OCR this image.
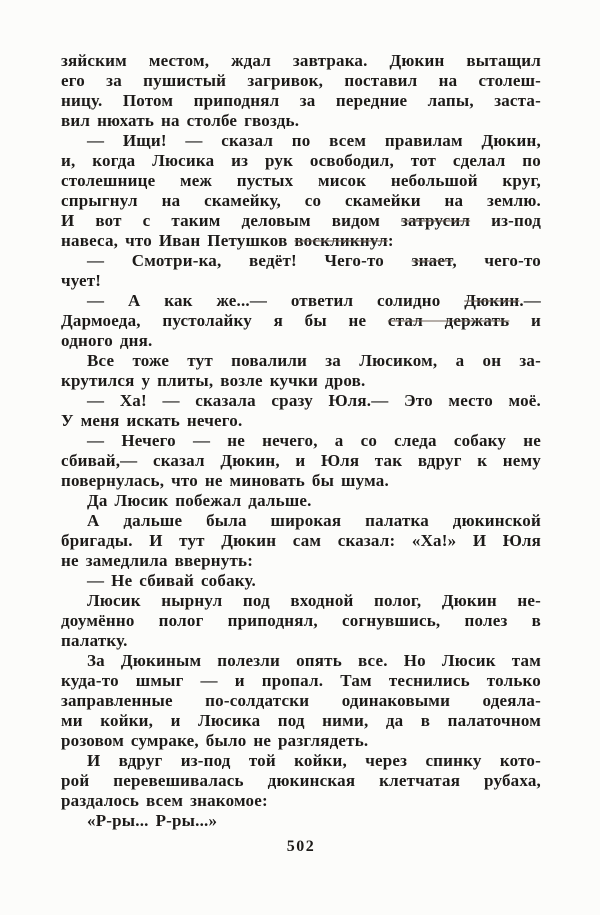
зяйским местом, ждал завтрака. Дюкин вытащил
его за пушистый загривок, поставил на столеш-
ницу. Потом приподнял за передние лапы, заста-
вил нюхать на столбе гвоздь.
— Ищи! — сказал по всем правилам Дюкин,
и, когда Люсика из рук освободил, тот сделал по
столешнице меж пустых мисок небольшой круг,
спрыгнул на скамейку, со скамейки на землю.
И вот с таким деловым видом затрусил из-под
навеса, что Иван Петушков воскликнул:
— Смотри-ка, ведёт! Чего-то знает, чего-то
чует!
— А как же...— ответил солидно Дюкин.—
Дармоеда, пустолайку я бы не стал держать и
одного дня.
Все тоже тут повалили за Люсиком, а он за-
крутился у плиты, возле кучки дров.
— Ха! — сказала сразу Юля.— Это место моё.
У меня искать нечего.
— Нечего — не нечего, а со следа собаку не
сбивай,— сказал Дюкин, и Юля так вдруг к нему
повернулась, что не миновать бы шума.
Да Люсик побежал дальше.
А дальше была широкая палатка дюкинской
бригады. И тут Дюкин сам сказал: «Ха!» И Юля
не замедлила ввернуть:
— Не сбивай собаку.
Люсик нырнул под входной полог, Дюкин не-
доумённо полог приподнял, согнувшись, полез в
палатку.
За Дюкиным полезли опять все. Но Люсик там
куда-то шмыг — и пропал. Там теснились только
заправленные по-солдатски одинаковыми одеяла-
ми койки, и Люсика под ними, да в палаточном
розовом сумраке, было не разглядеть.
И вдруг из-под той койки, через спинку кото-
рой перевешивалась дюкинская клетчатая рубаха,
раздалось всем знакомое:
«Р-ры... Р-ры...»
502
